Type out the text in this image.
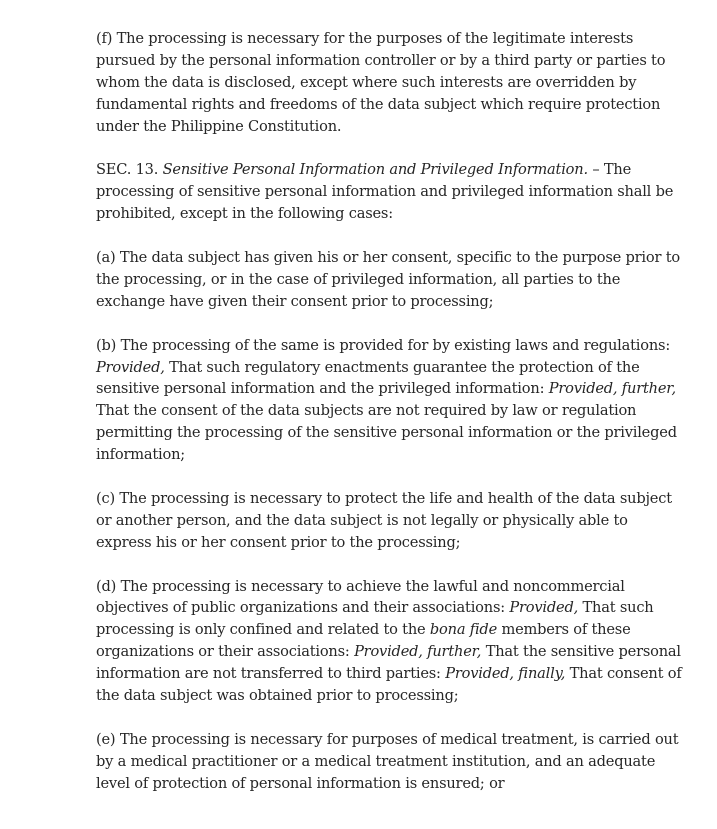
(f) The processing is necessary for the purposes of the legitimate interests pursued by the personal information controller or by a third party or parties to whom the data is disclosed, except where such interests are overridden by fundamental rights and freedoms of the data subject which require protection under the Philippine Constitution.

SEC. 13. Sensitive Personal Information and Privileged Information. – The processing of sensitive personal information and privileged information shall be prohibited, except in the following cases:

(a) The data subject has given his or her consent, specific to the purpose prior to the processing, or in the case of privileged information, all parties to the exchange have given their consent prior to processing;

(b) The processing of the same is provided for by existing laws and regulations: Provided, That such regulatory enactments guarantee the protection of the sensitive personal information and the privileged information: Provided, further, That the consent of the data subjects are not required by law or regulation permitting the processing of the sensitive personal information or the privileged information;

(c) The processing is necessary to protect the life and health of the data subject or another person, and the data subject is not legally or physically able to express his or her consent prior to the processing;

(d) The processing is necessary to achieve the lawful and noncommercial objectives of public organizations and their associations: Provided, That such processing is only confined and related to the bona fide members of these organizations or their associations: Provided, further, That the sensitive personal information are not transferred to third parties: Provided, finally, That consent of the data subject was obtained prior to processing;

(e) The processing is necessary for purposes of medical treatment, is carried out by a medical practitioner or a medical treatment institution, and an adequate level of protection of personal information is ensured; or
